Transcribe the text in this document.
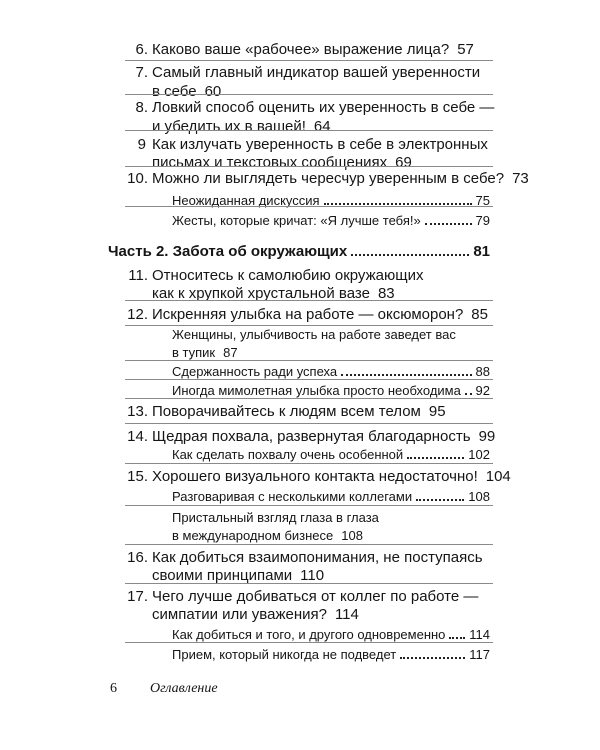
6. Каково ваше «рабочее» выражение лица? 57
7. Самый главный индикатор вашей уверенности
в себе 60
8. Ловкий способ оценить их уверенность в себе —
и убедить их в вашей! 64
9 Как излучать уверенность в себе в электронных
письмах и текстовых сообщениях 69
10. Можно ли выглядеть чересчур уверенным в себе? 73
Неожиданная дискуссия	75
Жесты, которые кричат: «Я лучше тебя!»	79
Часть 2. Забота об окружающих	81
11. Относитесь к самолюбию окружающих
как к хрупкой хрустальной вазе 83
12. Искренняя улыбка на работе — оксюморон? 85
Женщины, улыбчивость на работе заведет вас
в тупик 87
Сдержанность ради успеха	88
Иногда мимолетная улыбка просто необходима 92
13. Поворачивайтесь к людям всем телом 95
14. Щедрая похвала, развернутая благодарность 99
Как сделать похвалу очень особенной	102
15. Хорошего визуального контакта недостаточно! 104
Разговаривая с несколькими коллегами	108
Пристальный взгляд глаза в глаза
в международном бизнесе 108
16. Как добиться взаимопонимания, не поступаясь
своими принципами 110
17. Чего лучше добиваться от коллег по работе —
симпатии или уважения? 114
Как добиться и того, и другого одновременно 114
Прием, который никогда не подведет	117
6 Оглавление
